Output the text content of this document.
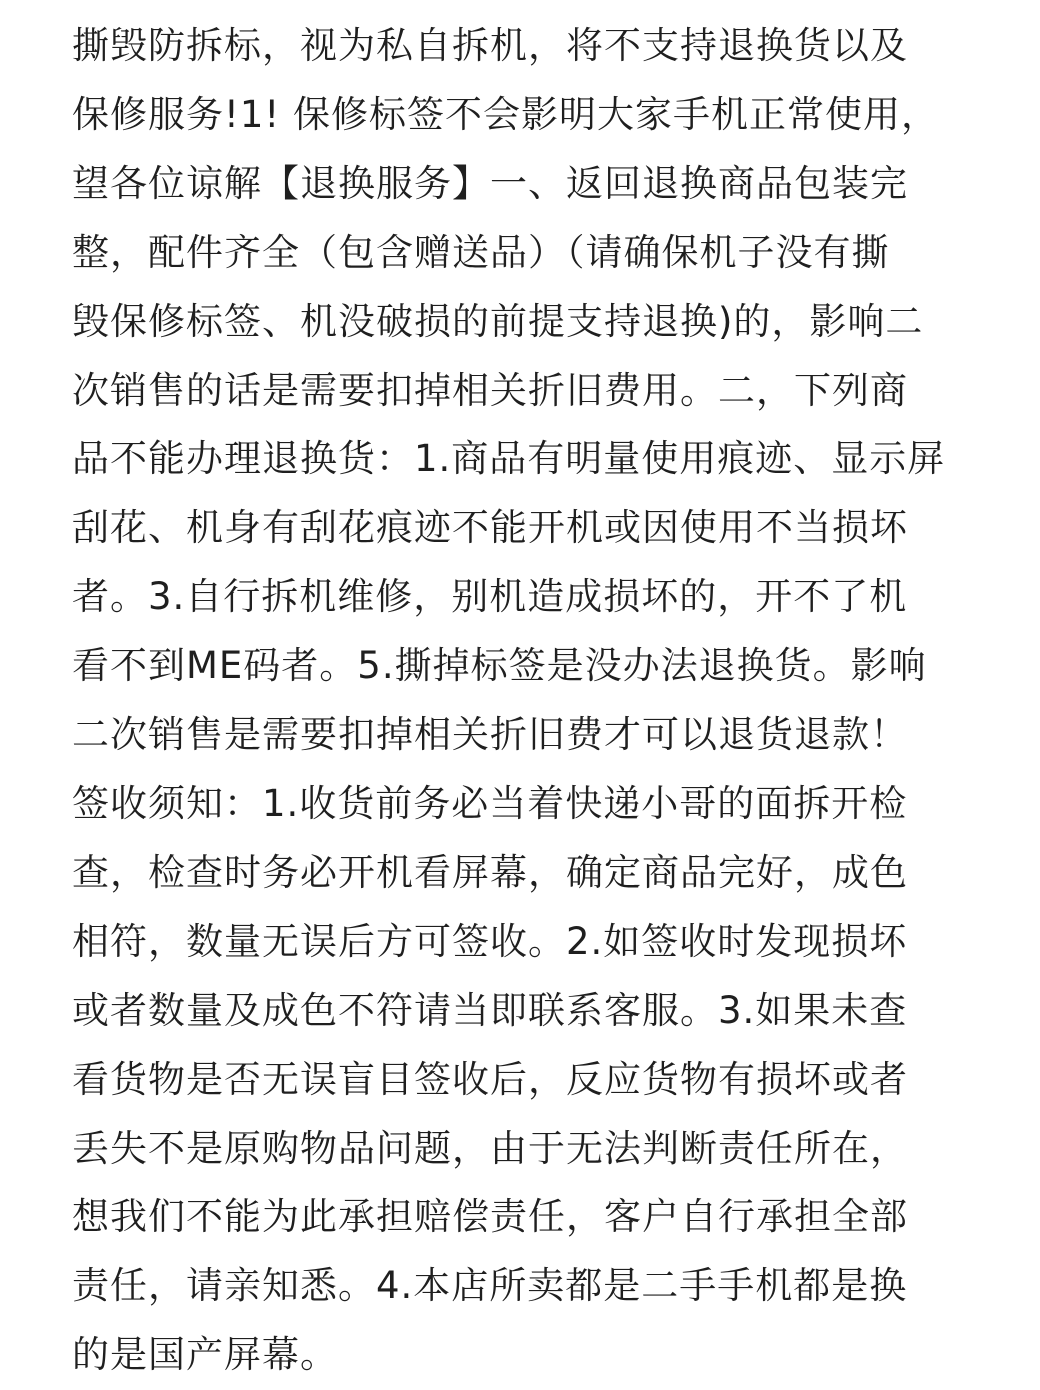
撕毁防拆标，视为私自拆机，将不支持退换货以及
保修服务!1! 保修标签不会影明大家手机正常使用，
望各位谅解【退换服务】一、返回退换商品包装完
整，配件齐全（包含赠送品）（请确保机子没有撕
毁保修标签、机没破损的前提支持退换)的，影响二
次销售的话是需要扣掉相关折旧费用。二，下列商
品不能办理退换货：1.商品有明量使用痕迹、显示屏
刮花、机身有刮花痕迹不能开机或因使用不当损坏
者。3.自行拆机维修，别机造成损坏的，开不了机
看不到ME码者。5.撕掉标签是没办法退换货。影响
二次销售是需要扣掉相关折旧费才可以退货退款！
签收须知：1.收货前务必当着快递小哥的面拆开检
查，检查时务必开机看屏幕，确定商品完好，成色
相符，数量无误后方可签收。2.如签收时发现损坏
或者数量及成色不符请当即联系客服。3.如果未查
看货物是否无误盲目签收后，反应货物有损坏或者
丢失不是原购物品问题，由于无法判断责任所在，
想我们不能为此承担赔偿责任，客户自行承担全部
责任，请亲知悉。4.本店所卖都是二手手机都是换
的是国产屏幕。
